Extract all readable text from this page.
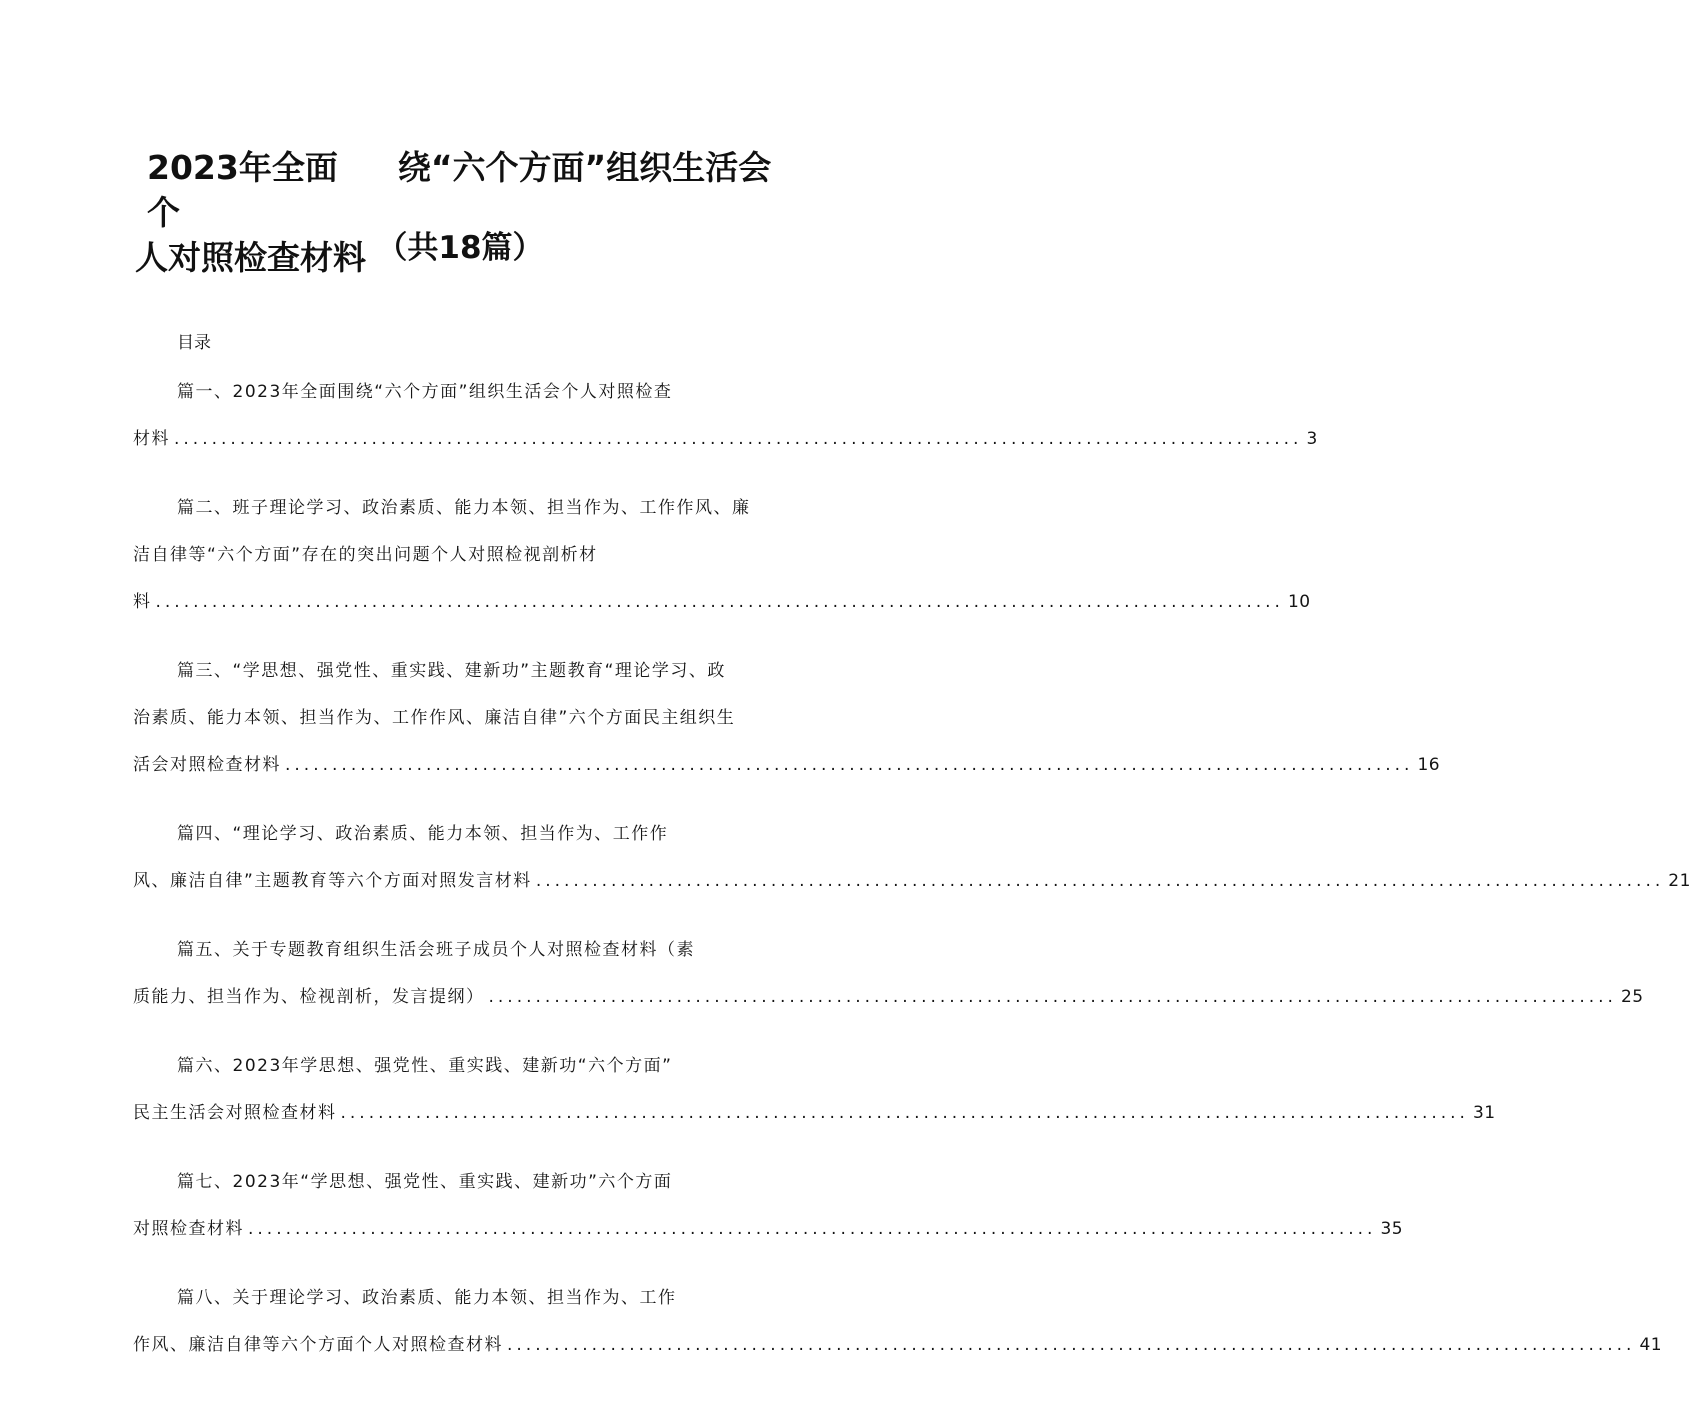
2023年全面 绕“六个方面”组织生活会个
人对照检查材料 （共18篇）
目录
篇一、2023年全面围绕“六个方面”组织生活会个人对照检查
材料 ........................................................................................................................ 3
篇二、班子理论学习、政治素质、能力本领、担当作为、工作作风、廉
洁自律等“六个方面”存在的突出问题个人对照检视剖析材
料 ........................................................................................................................ 10
篇三、“学思想、强党性、重实践、建新功”主题教育“理论学习、政
治素质、能力本领、担当作为、工作作风、廉洁自律”六个方面民主组织生
活会对照检查材料 ........................................................................................................................ 16
篇四、“理论学习、政治素质、能力本领、担当作为、工作作
风、廉洁自律”主题教育等六个方面对照发言材料 ........................................................................................................................ 21
篇五、关于专题教育组织生活会班子成员个人对照检查材料（素
质能力、担当作为、检视剖析，发言提纲） ........................................................................................................................ 25
篇六、2023年学思想、强党性、重实践、建新功“六个方面”
民主生活会对照检查材料 ........................................................................................................................ 31
篇七、2023年“学思想、强党性、重实践、建新功”六个方面
对照检查材料 ........................................................................................................................ 35
篇八、关于理论学习、政治素质、能力本领、担当作为、工作
作风、廉洁自律等六个方面个人对照检查材料 ........................................................................................................................ 41
